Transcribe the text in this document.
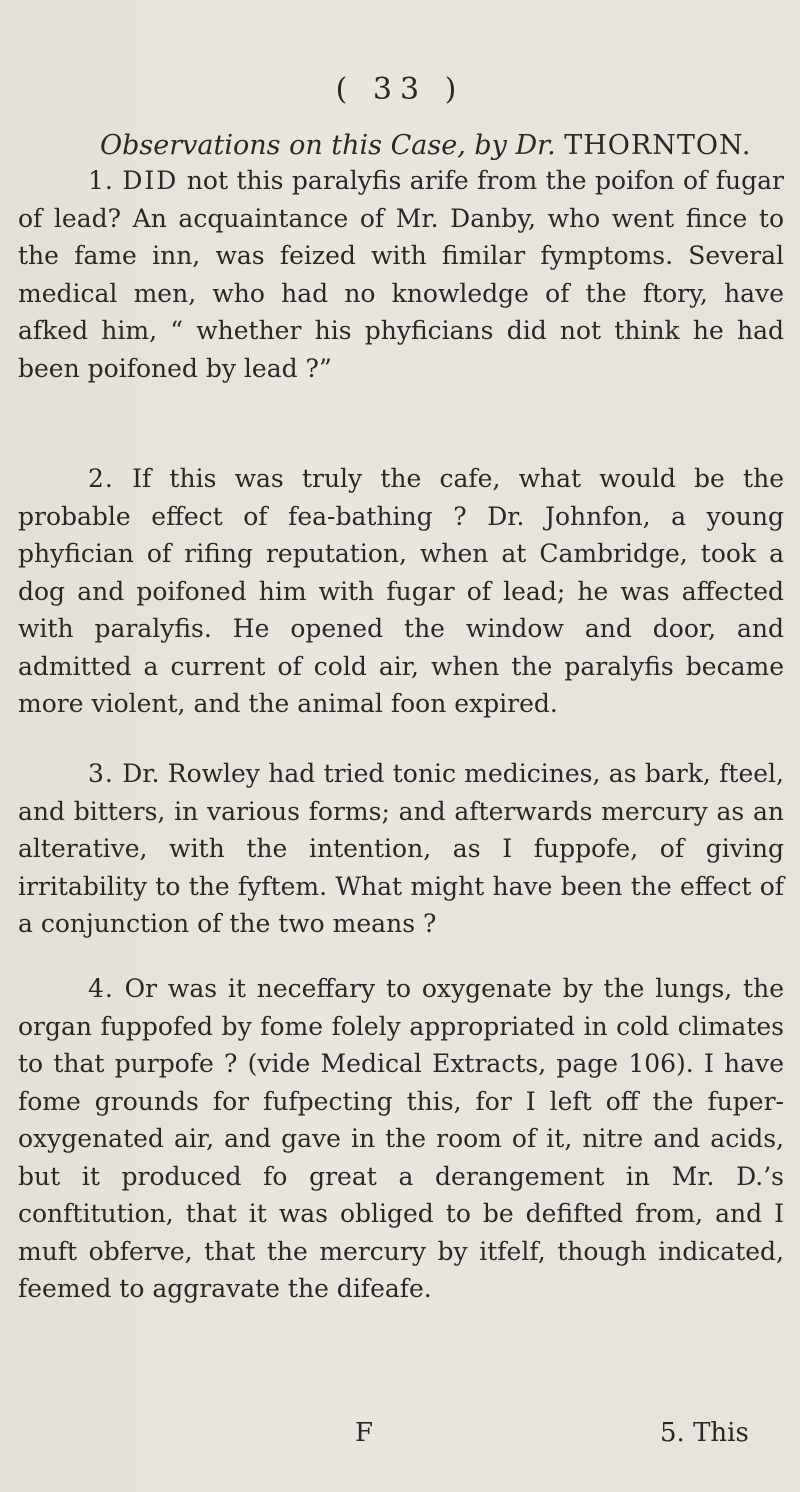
( 33 )
Observations on this Case, by Dr. THORNTON.

1. DID not this paralyfis arife from the poifon of fugar of lead? An acquaintance of Mr. Danby, who went fince to the fame inn, was feized with fimilar fymptoms. Several medical men, who had no knowledge of the ftory, have afked him, “ whether his phyficians did not think he had been poifoned by lead ?”

2. If this was truly the cafe, what would be the probable effect of fea-bathing ? Dr. Johnfon, a young phyfician of rifing reputation, when at Cambridge, took a dog and poifoned him with fugar of lead; he was affected with paralyfis. He opened the window and door, and admitted a current of cold air, when the paralyfis became more violent, and the animal foon expired.

3. Dr. Rowley had tried tonic medicines, as bark, fteel, and bitters, in various forms; and afterwards mercury as an alterative, with the intention, as I fuppofe, of giving irritability to the fyftem. What might have been the effect of a conjunction of the two means ?

4. Or was it neceffary to oxygenate by the lungs, the organ fuppofed by fome folely appropriated in cold climates to that purpofe ? (vide Medical Extracts, page 106). I have fome grounds for fufpecting this, for I left off the fuper-oxygenated air, and gave in the room of it, nitre and acids, but it produced fo great a derangement in Mr. D.’s conftitution, that it was obliged to be defifted from, and I muft obferve, that the mercury by itfelf, though indicated, feemed to aggravate the difeafe.

F	5. This
